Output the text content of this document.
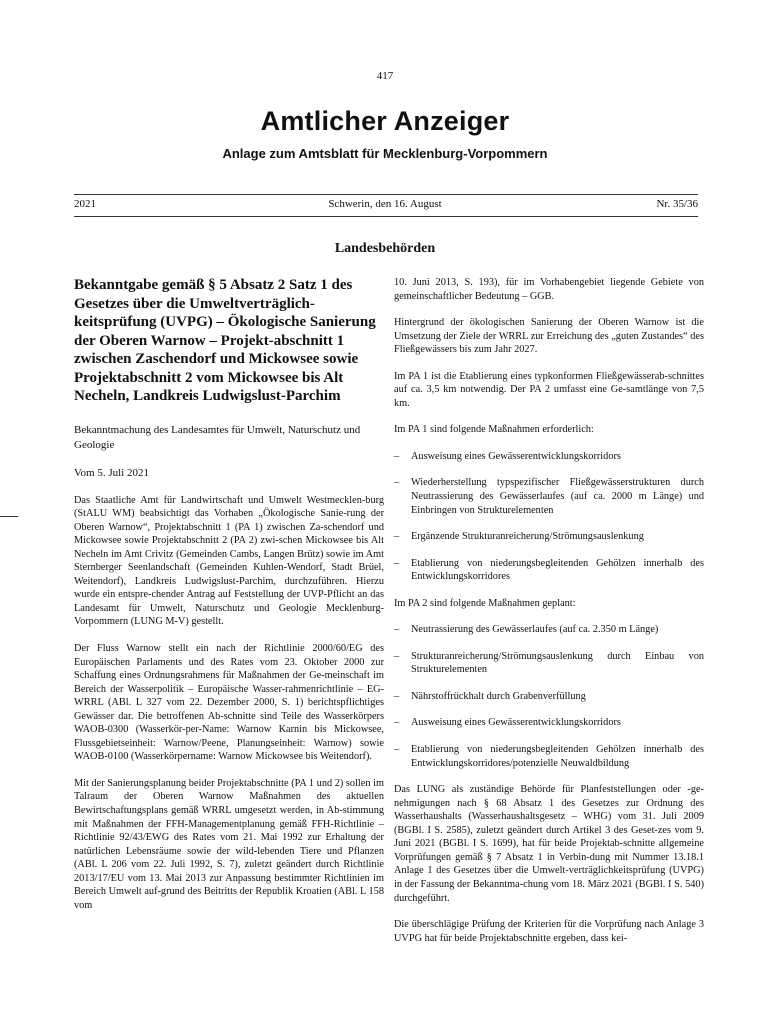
417
Amtlicher Anzeiger
Anlage zum Amtsblatt für Mecklenburg-Vorpommern
2021	Schwerin, den 16. August	Nr. 35/36
Landesbehörden
Bekanntgabe gemäß § 5 Absatz 2 Satz 1 des Gesetzes über die Umweltverträglich-keitsprüfung (UVPG) – Ökologische Sanierung der Oberen Warnow – Projekt-abschnitt 1 zwischen Zaschendorf und Mickowsee sowie Projektabschnitt 2 vom Mickowsee bis Alt Necheln, Landkreis Ludwigslust-Parchim
Bekanntmachung des Landesamtes für Umwelt, Naturschutz und Geologie
Vom 5. Juli 2021
Das Staatliche Amt für Landwirtschaft und Umwelt Westmecklen-burg (StALU WM) beabsichtigt das Vorhaben „Ökologische Sanie-rung der Oberen Warnow“, Projektabschnitt 1 (PA 1) zwischen Za-schendorf und Mickowsee sowie Projektabschnitt 2 (PA 2) zwi-schen Mickowsee bis Alt Necheln im Amt Crivitz (Gemeinden Cambs, Langen Brütz) sowie im Amt Sternberger Seenlandschaft (Gemeinden Kuhlen-Wendorf, Stadt Brüel, Weitendorf), Landkreis Ludwigslust-Parchim, durchzuführen. Hierzu wurde ein entspre-chender Antrag auf Feststellung der UVP-Pflicht an das Landesamt für Umwelt, Naturschutz und Geologie Mecklenburg-Vorpommern (LUNG M-V) gestellt.
Der Fluss Warnow stellt ein nach der Richtlinie 2000/60/EG des Europäischen Parlaments und des Rates vom 23. Oktober 2000 zur Schaffung eines Ordnungsrahmens für Maßnahmen der Ge-meinschaft im Bereich der Wasserpolitik – Europäische Wasser-rahmenrichtlinie – EG-WRRL (ABl. L 327 vom 22. Dezember 2000, S. 1) berichtspflichtiges Gewässer dar. Die betroffenen Ab-schnitte sind Teile des Wasserkörpers WAOB-0300 (Wasserkör-per-Name: Warnow Karnin bis Mickowsee, Flussgebietseinheit: Warnow/Peene, Planungseinheit: Warnow) sowie WAOB-0100 (Wasserkörpername: Warnow Mickowsee bis Weitendorf).
Mit der Sanierungsplanung beider Projektabschnitte (PA 1 und 2) sollen im Talraum der Oberen Warnow Maßnahmen des aktuellen Bewirtschaftungsplans gemäß WRRL umgesetzt werden, in Ab-stimmung mit Maßnahmen der FFH-Managementplanung gemäß FFH-Richtlinie – Richtlinie 92/43/EWG des Rates vom 21. Mai 1992 zur Erhaltung der natürlichen Lebensräume sowie der wild-lebenden Tiere und Pflanzen (ABl. L 206 vom 22. Juli 1992, S. 7), zuletzt geändert durch Richtlinie 2013/17/EU vom 13. Mai 2013 zur Anpassung bestimmter Richtlinien im Bereich Umwelt auf-grund des Beitritts der Republik Kroatien (ABl. L 158 vom
10. Juni 2013, S. 193), für im Vorhabengebiet liegende Gebiete von gemeinschaftlicher Bedeutung – GGB.
Hintergrund der ökologischen Sanierung der Oberen Warnow ist die Umsetzung der Ziele der WRRL zur Erreichung des „guten Zustandes“ des Fließgewässers bis zum Jahr 2027.
Im PA 1 ist die Etablierung eines typkonformen Fließgewässerab-schnittes auf ca. 3,5 km notwendig. Der PA 2 umfasst eine Ge-samtlänge von 7,5 km.
Im PA 1 sind folgende Maßnahmen erforderlich:
–	Ausweisung eines Gewässerentwicklungskorridors
–	Wiederherstellung typspezifischer Fließgewässerstrukturen durch Neutrassierung des Gewässerlaufes (auf ca. 2000 m Länge) und Einbringen von Strukturelementen
–	Ergänzende Strukturanreicherung/Strömungsauslenkung
–	Etablierung von niederungsbegleitenden Gehölzen innerhalb des Entwicklungskorridores
Im PA 2 sind folgende Maßnahmen geplant:
–	Neutrassierung des Gewässerlaufes (auf ca. 2.350 m Länge)
–	Strukturanreicherung/Strömungsauslenkung durch Einbau von Strukturelementen
–	Nährstoffrückhalt durch Grabenverfüllung
–	Ausweisung eines Gewässerentwicklungskorridors
–	Etablierung von niederungsbegleitenden Gehölzen innerhalb des Entwicklungskorridores/potenzielle Neuwaldbildung
Das LUNG als zuständige Behörde für Planfeststellungen oder -ge-nehmigungen nach § 68 Absatz 1 des Gesetzes zur Ordnung des Wasserhaushalts (Wasserhaushaltsgesetz – WHG) vom 31. Juli 2009 (BGBl. I S. 2585), zuletzt geändert durch Artikel 3 des Geset-zes vom 9. Juni 2021 (BGBl. I S. 1699), hat für beide Projektab-schnitte allgemeine Vorprüfungen gemäß § 7 Absatz 1 in Verbin-dung mit Nummer 13.18.1 Anlage 1 des Gesetzes über die Umwelt-verträglichkeitsprüfung (UVPG) in der Fassung der Bekanntma-chung vom 18. März 2021 (BGBl. I S. 540) durchgeführt.
Die überschlägige Prüfung der Kriterien für die Vorprüfung nach Anlage 3 UVPG hat für beide Projektabschnitte ergeben, dass kei-
